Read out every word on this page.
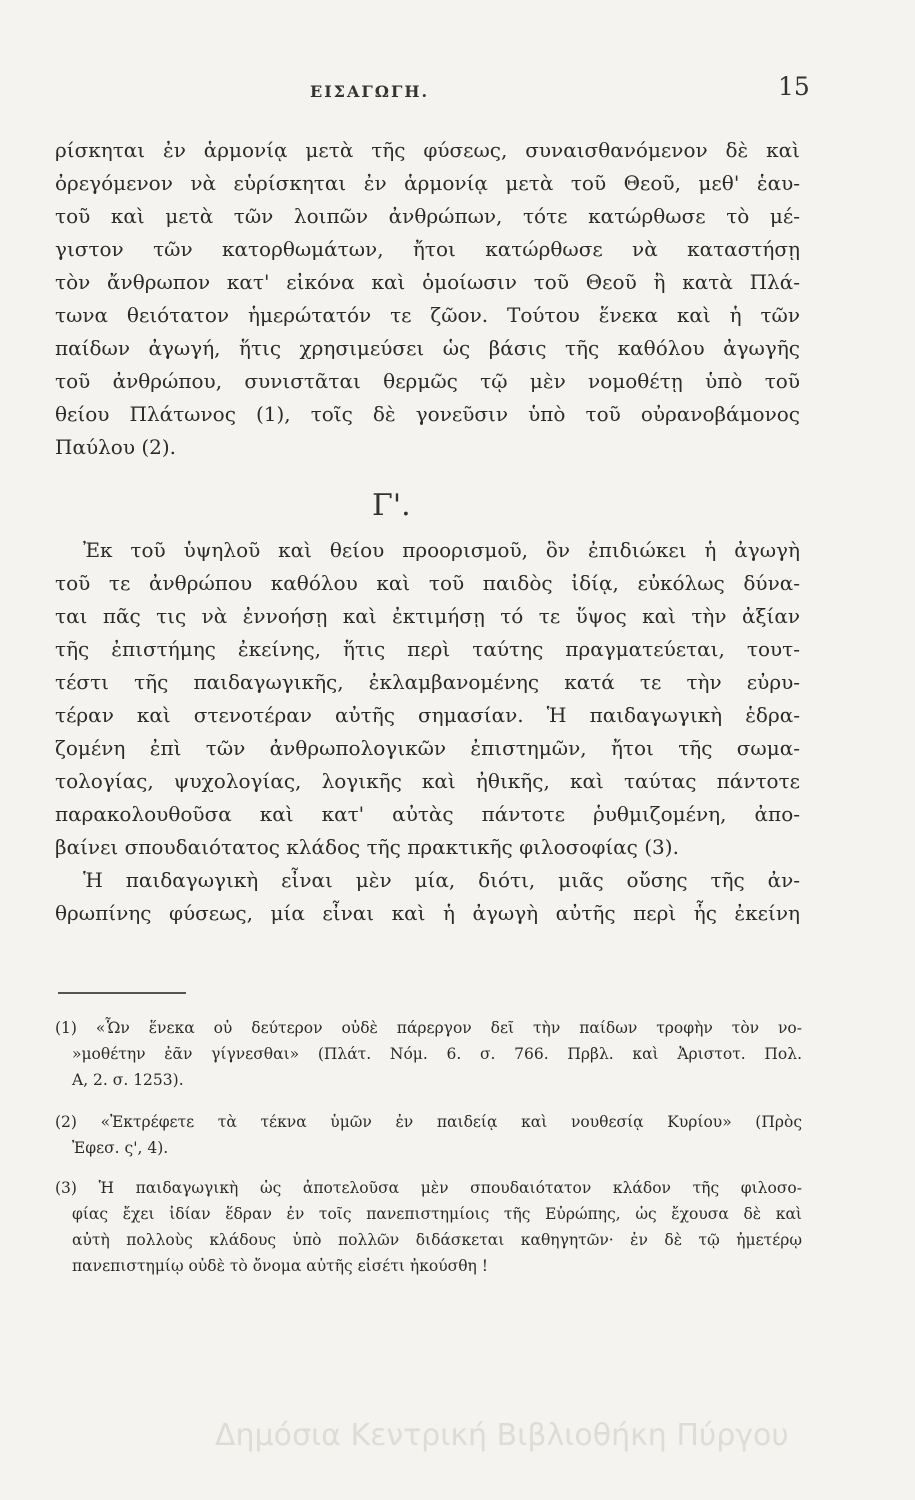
ΕΙΣΑΓΩΓΗ.	15
ρίσκηται ἐν ἁρμονίᾳ μετὰ τῆς φύσεως, συναισθανόμενον δὲ καὶ
ὀρεγόμενον νὰ εὑρίσκηται ἐν ἁρμονίᾳ μετὰ τοῦ Θεοῦ, μεθ' ἑαυ-
τοῦ καὶ μετὰ τῶν λοιπῶν ἀνθρώπων, τότε κατώρθωσε τὸ μέ-
γιστον τῶν κατορθωμάτων, ἤτοι κατώρθωσε νὰ καταστήσῃ
τὸν ἄνθρωπον κατ' εἰκόνα καὶ ὁμοίωσιν τοῦ Θεοῦ ἢ κατὰ Πλά-
τωνα θειότατον ἡμερώτατόν τε ζῶον. Τούτου ἕνεκα καὶ ἡ τῶν
παίδων ἀγωγή, ἥτις χρησιμεύσει ὡς βάσις τῆς καθόλου ἀγωγῆς
τοῦ ἀνθρώπου, συνιστᾶται θερμῶς τῷ μὲν νομοθέτῃ ὑπὸ τοῦ
θείου Πλάτωνος (1), τοῖς δὲ γονεῦσιν ὑπὸ τοῦ οὐρανοβάμονος
Παύλου (2).
Γ'.
Ἐκ τοῦ ὑψηλοῦ καὶ θείου προορισμοῦ, ὃν ἐπιδιώκει ἡ ἀγωγὴ
τοῦ τε ἀνθρώπου καθόλου καὶ τοῦ παιδὸς ἰδίᾳ, εὐκόλως δύνα-
ται πᾶς τις νὰ ἐννοήσῃ καὶ ἐκτιμήσῃ τό τε ὕψος καὶ τὴν ἀξίαν
τῆς ἐπιστήμης ἐκείνης, ἥτις περὶ ταύτης πραγματεύεται, τουτ-
τέστι τῆς παιδαγωγικῆς, ἐκλαμβανομένης κατά τε τὴν εὐρυ-
τέραν καὶ στενοτέραν αὐτῆς σημασίαν. Ἡ παιδαγωγικὴ ἑδρα-
ζομένη ἐπὶ τῶν ἀνθρωπολογικῶν ἐπιστημῶν, ἤτοι τῆς σωμα-
τολογίας, ψυχολογίας, λογικῆς καὶ ἠθικῆς, καὶ ταύτας πάντοτε
παρακολουθοῦσα καὶ κατ' αὐτὰς πάντοτε ῥυθμιζομένη, ἀπο-
βαίνει σπουδαιότατος κλάδος τῆς πρακτικῆς φιλοσοφίας (3).
Ἡ παιδαγωγικὴ εἶναι μὲν μία, διότι, μιᾶς οὔσης τῆς ἀν-
θρωπίνης φύσεως, μία εἶναι καὶ ἡ ἀγωγὴ αὐτῆς περὶ ἧς ἐκείνη
(1) «Ὧν ἕνεκα οὐ δεύτερον οὐδὲ πάρεργον δεῖ τὴν παίδων τροφὴν τὸν νο-
»μοθέτην ἐᾶν γίγνεσθαι» (Πλάτ. Νόμ. 6. σ. 766. Πρβλ. καὶ Ἀριστοτ. Πολ.
Α, 2. σ. 1253).
(2) «Ἐκτρέφετε τὰ τέκνα ὑμῶν ἐν παιδείᾳ καὶ νουθεσίᾳ Κυρίου» (Πρὸς
Ἐφεσ. ς', 4).
(3) Ἡ παιδαγωγικὴ ὡς ἀποτελοῦσα μὲν σπουδαιότατον κλάδον τῆς φιλοσο-
φίας ἔχει ἰδίαν ἕδραν ἐν τοῖς πανεπιστημίοις τῆς Εὐρώπης, ὡς ἔχουσα δὲ καὶ
αὐτὴ πολλοὺς κλάδους ὑπὸ πολλῶν διδάσκεται καθηγητῶν· ἐν δὲ τῷ ἡμετέρῳ
πανεπιστημίῳ οὐδὲ τὸ ὄνομα αὐτῆς εἰσέτι ἠκούσθη !
Δημόσια Κεντρική Βιβλιοθήκη Πύργου
